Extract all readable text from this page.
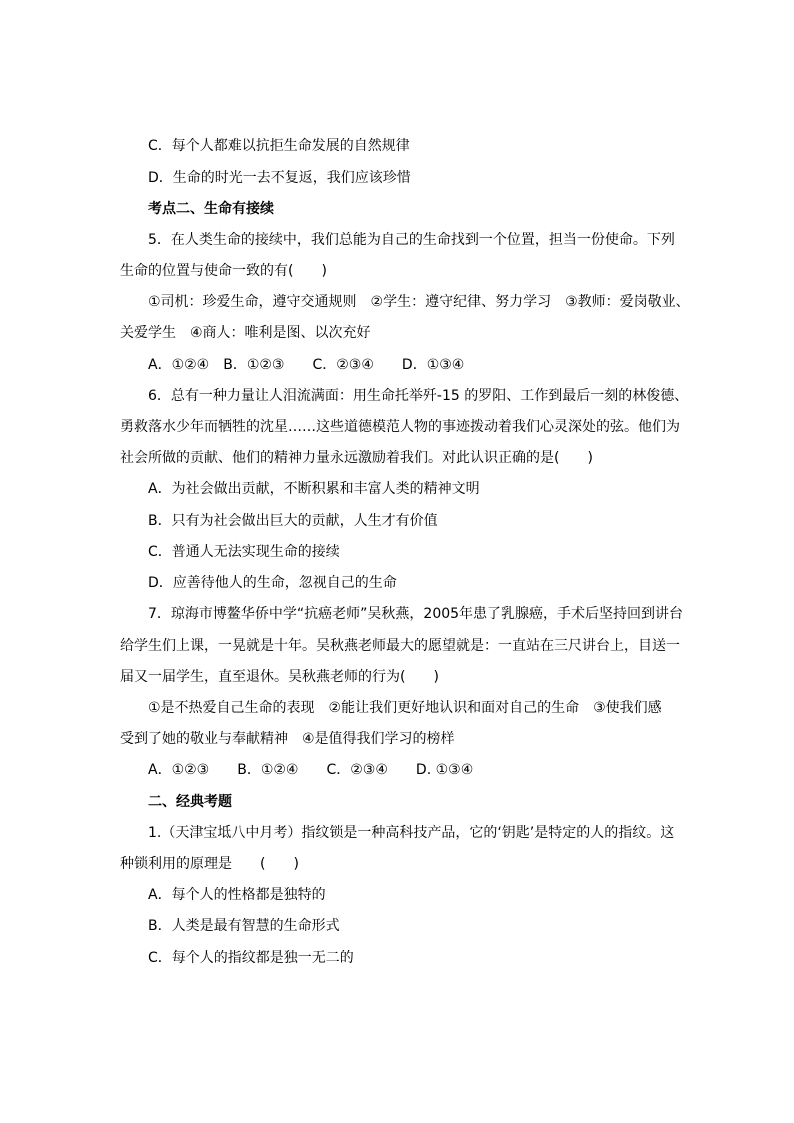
C．每个人都难以抗拒生命发展的自然规律
D．生命的时光一去不复返，我们应该珍惜
考点二、生命有接续
5．在人类生命的接续中，我们总能为自己的生命找到一个位置，担当一份使命。下列
生命的位置与使命一致的有(　　)
①司机：珍爱生命，遵守交通规则　②学生：遵守纪律、努力学习　③教师：爱岗敬业、
关爱学生　④商人：唯利是图、以次充好
A．①②④　B．①②③　　C．②③④　　D．①③④
6．总有一种力量让人泪流满面：用生命托举歼-15 的罗阳、工作到最后一刻的林俊德、
勇救落水少年而牺牲的沈星……这些道德模范人物的事迹拨动着我们心灵深处的弦。他们为
社会所做的贡献、他们的精神力量永远激励着我们。对此认识正确的是(　　)
A．为社会做出贡献，不断积累和丰富人类的精神文明
B．只有为社会做出巨大的贡献，人生才有价值
C．普通人无法实现生命的接续
D．应善待他人的生命，忽视自己的生命
7．琼海市博鳌华侨中学“抗癌老师”吴秋燕，2005年患了乳腺癌，手术后坚持回到讲台
给学生们上课，一晃就是十年。吴秋燕老师最大的愿望就是：一直站在三尺讲台上，目送一
届又一届学生，直至退休。吴秋燕老师的行为(　　)
①是不热爱自己生命的表现　②能让我们更好地认识和面对自己的生命　③使我们感
受到了她的敬业与奉献精神　④是值得我们学习的榜样
A．①②③　　B．①②④　　C．②③④　　D. ①③④
二、经典考题
1.（天津宝坻八中月考）指纹锁是一种高科技产品，它的‘钥匙’是特定的人的指纹。这
种锁利用的原理是　　(　　)
A．每个人的性格都是独特的
B．人类是最有智慧的生命形式
C．每个人的指纹都是独一无二的
